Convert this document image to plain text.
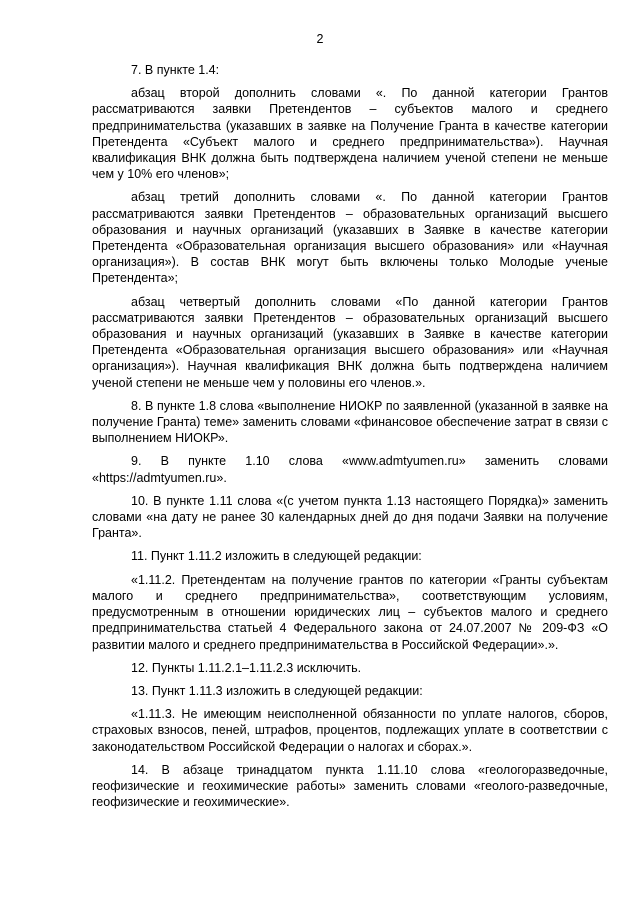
2

7. В пункте 1.4:

абзац второй дополнить словами «. По данной категории Грантов рассматриваются заявки Претендентов – субъектов малого и среднего предпринимательства (указавших в заявке на Получение Гранта в качестве категории Претендента «Субъект малого и среднего предпринимательства»). Научная квалификация ВНК должна быть подтверждена наличием ученой степени не меньше чем у 10% его членов»;

абзац третий дополнить словами «. По данной категории Грантов рассматриваются заявки Претендентов – образовательных организаций высшего образования и научных организаций (указавших в Заявке в качестве категории Претендента «Образовательная организация высшего образования» или «Научная организация»). В состав ВНК могут быть включены только Молодые ученые Претендента»;

абзац четвертый дополнить словами «По данной категории Грантов рассматриваются заявки Претендентов – образовательных организаций высшего образования и научных организаций (указавших в Заявке в качестве категории Претендента «Образовательная организация высшего образования» или «Научная организация»). Научная квалификация ВНК должна быть подтверждена наличием ученой степени не меньше чем у половины его членов.».

8. В пункте 1.8 слова «выполнение НИОКР по заявленной (указанной в заявке на получение Гранта) теме» заменить словами «финансовое обеспечение затрат в связи с выполнением НИОКР».

9. В пункте 1.10 слова «www.admtyumen.ru» заменить словами «https://admtyumen.ru».

10. В пункте 1.11 слова «(с учетом пункта 1.13 настоящего Порядка)» заменить словами «на дату не ранее 30 календарных дней до дня подачи Заявки на получение Гранта».

11. Пункт 1.11.2 изложить в следующей редакции:

«1.11.2. Претендентам на получение грантов по категории «Гранты субъектам малого и среднего предпринимательства», соответствующим условиям, предусмотренным в отношении юридических лиц – субъектов малого и среднего предпринимательства статьей 4 Федерального закона от 24.07.2007 № 209-ФЗ «О развитии малого и среднего предпринимательства в Российской Федерации».».

12. Пункты 1.11.2.1–1.11.2.3 исключить.

13. Пункт 1.11.3 изложить в следующей редакции:

«1.11.3. Не имеющим неисполненной обязанности по уплате налогов, сборов, страховых взносов, пеней, штрафов, процентов, подлежащих уплате в соответствии с законодательством Российской Федерации о налогах и сборах.».

14. В абзаце тринадцатом пункта 1.11.10 слова «геологоразведочные, геофизические и геохимические работы» заменить словами «геолого-разведочные, геофизические и геохимические».
